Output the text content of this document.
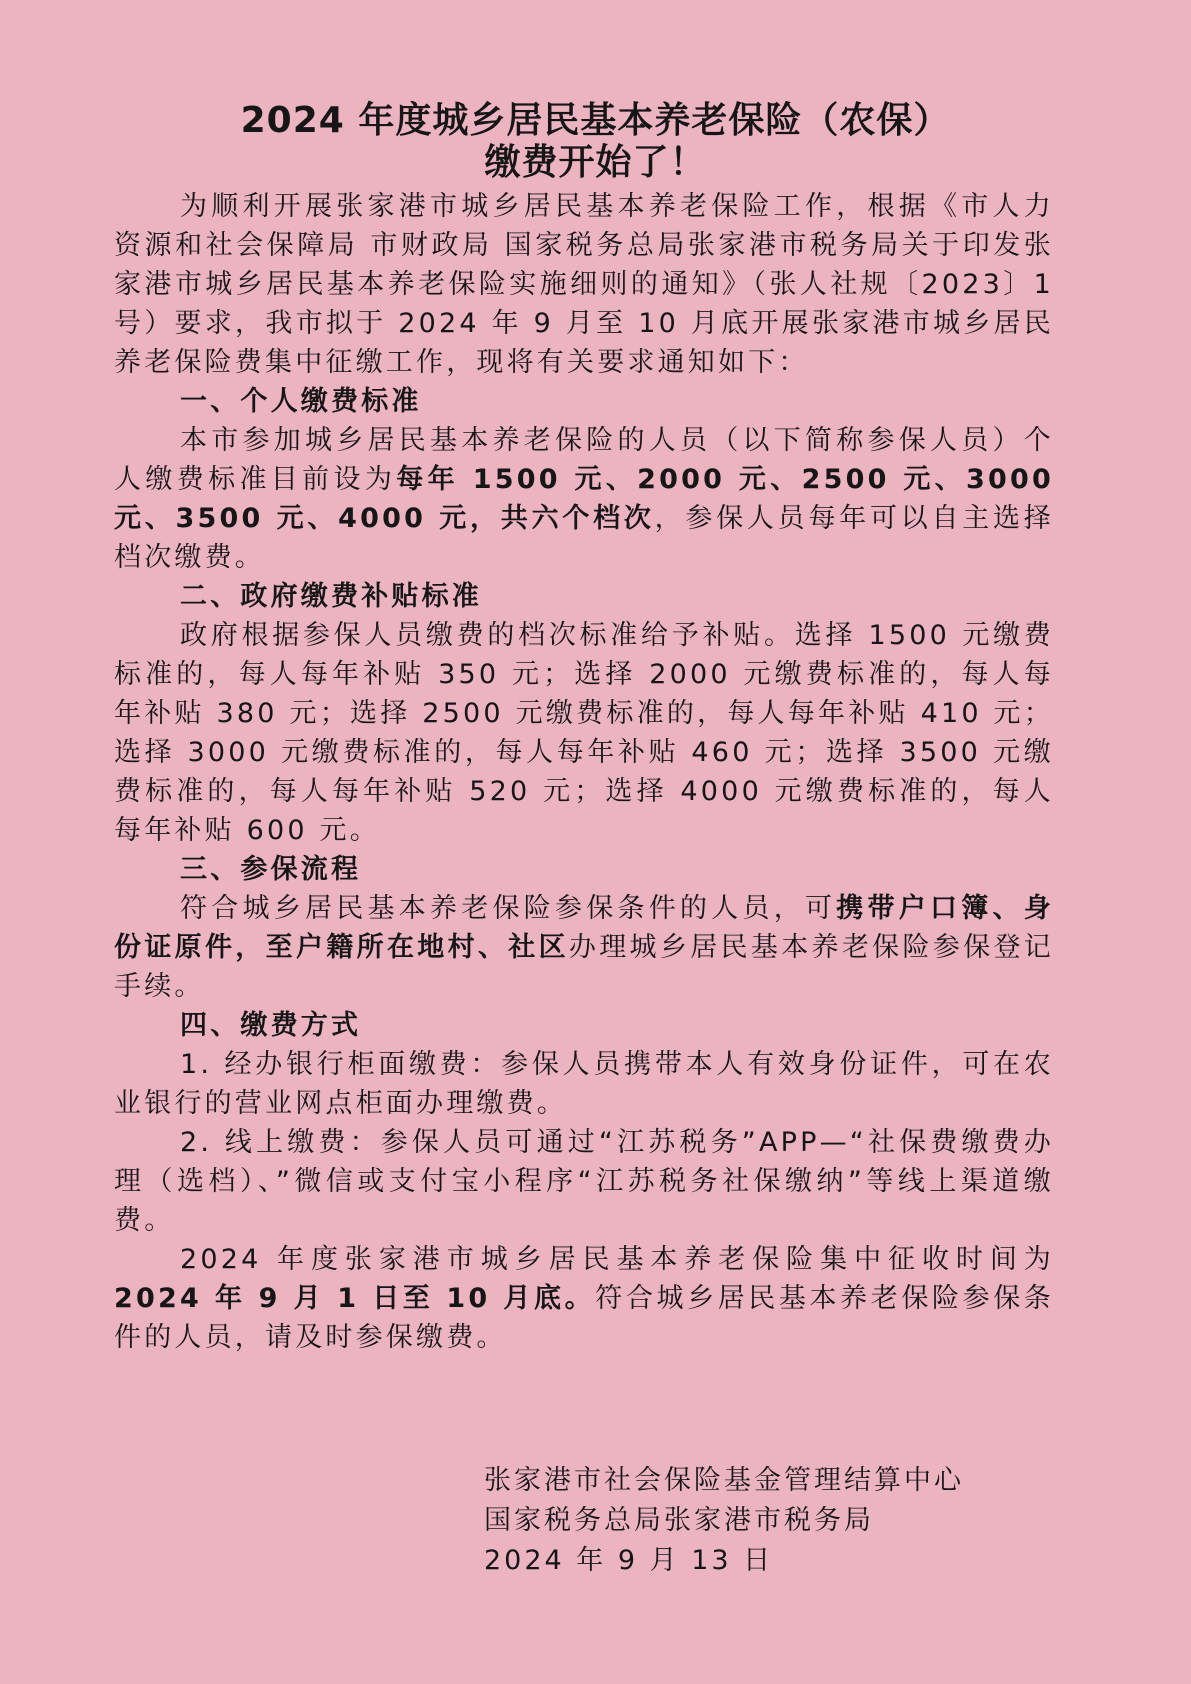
2024 年度城乡居民基本养老保险（农保）
缴费开始了！

为顺利开展张家港市城乡居民基本养老保险工作，根据《市人力资源和社会保障局 市财政局 国家税务总局张家港市税务局关于印发张家港市城乡居民基本养老保险实施细则的通知》（张人社规〔2023〕1 号）要求，我市拟于 2024 年 9 月至 10 月底开展张家港市城乡居民养老保险费集中征缴工作，现将有关要求通知如下：

一、个人缴费标准

本市参加城乡居民基本养老保险的人员（以下简称参保人员）个人缴费标准目前设为每年 1500 元、2000 元、2500 元、3000 元、3500 元、4000 元，共六个档次，参保人员每年可以自主选择档次缴费。

二、政府缴费补贴标准

政府根据参保人员缴费的档次标准给予补贴。选择 1500 元缴费标准的，每人每年补贴 350 元；选择 2000 元缴费标准的，每人每年补贴 380 元；选择 2500 元缴费标准的，每人每年补贴 410 元；选择 3000 元缴费标准的，每人每年补贴 460 元；选择 3500 元缴费标准的，每人每年补贴 520 元；选择 4000 元缴费标准的，每人每年补贴 600 元。

三、参保流程

符合城乡居民基本养老保险参保条件的人员，可携带户口簿、身份证原件，至户籍所在地村、社区办理城乡居民基本养老保险参保登记手续。

四、缴费方式

1. 经办银行柜面缴费：参保人员携带本人有效身份证件，可在农业银行的营业网点柜面办理缴费。

2. 线上缴费：参保人员可通过“江苏税务”APP—“社保费缴费办理（选档）、”微信或支付宝小程序“江苏税务社保缴纳”等线上渠道缴费。

2024 年度张家港市城乡居民基本养老保险集中征收时间为2024 年 9 月 1 日至 10 月底。符合城乡居民基本养老保险参保条件的人员，请及时参保缴费。

张家港市社会保险基金管理结算中心
国家税务总局张家港市税务局
2024 年 9 月 13 日
